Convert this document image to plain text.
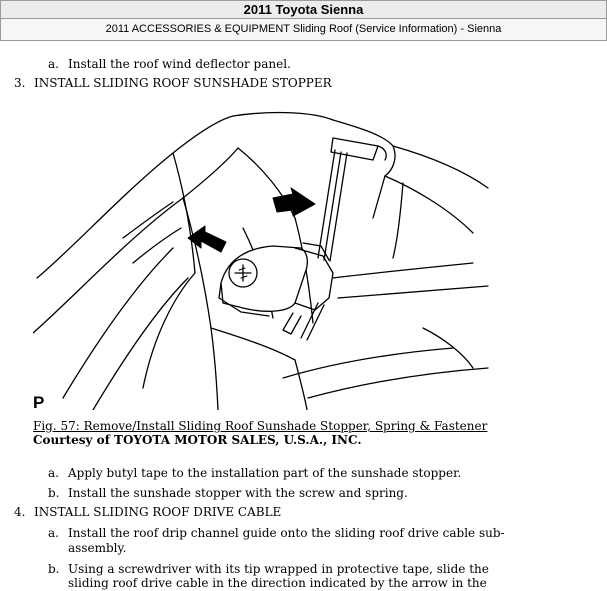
2011 Toyota Sienna
2011 ACCESSORIES & EQUIPMENT Sliding Roof (Service Information) - Sienna
a. Install the roof wind deflector panel.
3. INSTALL SLIDING ROOF SUNSHADE STOPPER
P
Fig. 57: Remove/Install Sliding Roof Sunshade Stopper, Spring & Fastener
Courtesy of TOYOTA MOTOR SALES, U.S.A., INC.
a. Apply butyl tape to the installation part of the sunshade stopper.
b. Install the sunshade stopper with the screw and spring.
4. INSTALL SLIDING ROOF DRIVE CABLE
a. Install the roof drip channel guide onto the sliding roof drive cable sub-
assembly.
b. Using a screwdriver with its tip wrapped in protective tape, slide the
sliding roof drive cable in the direction indicated by the arrow in the
